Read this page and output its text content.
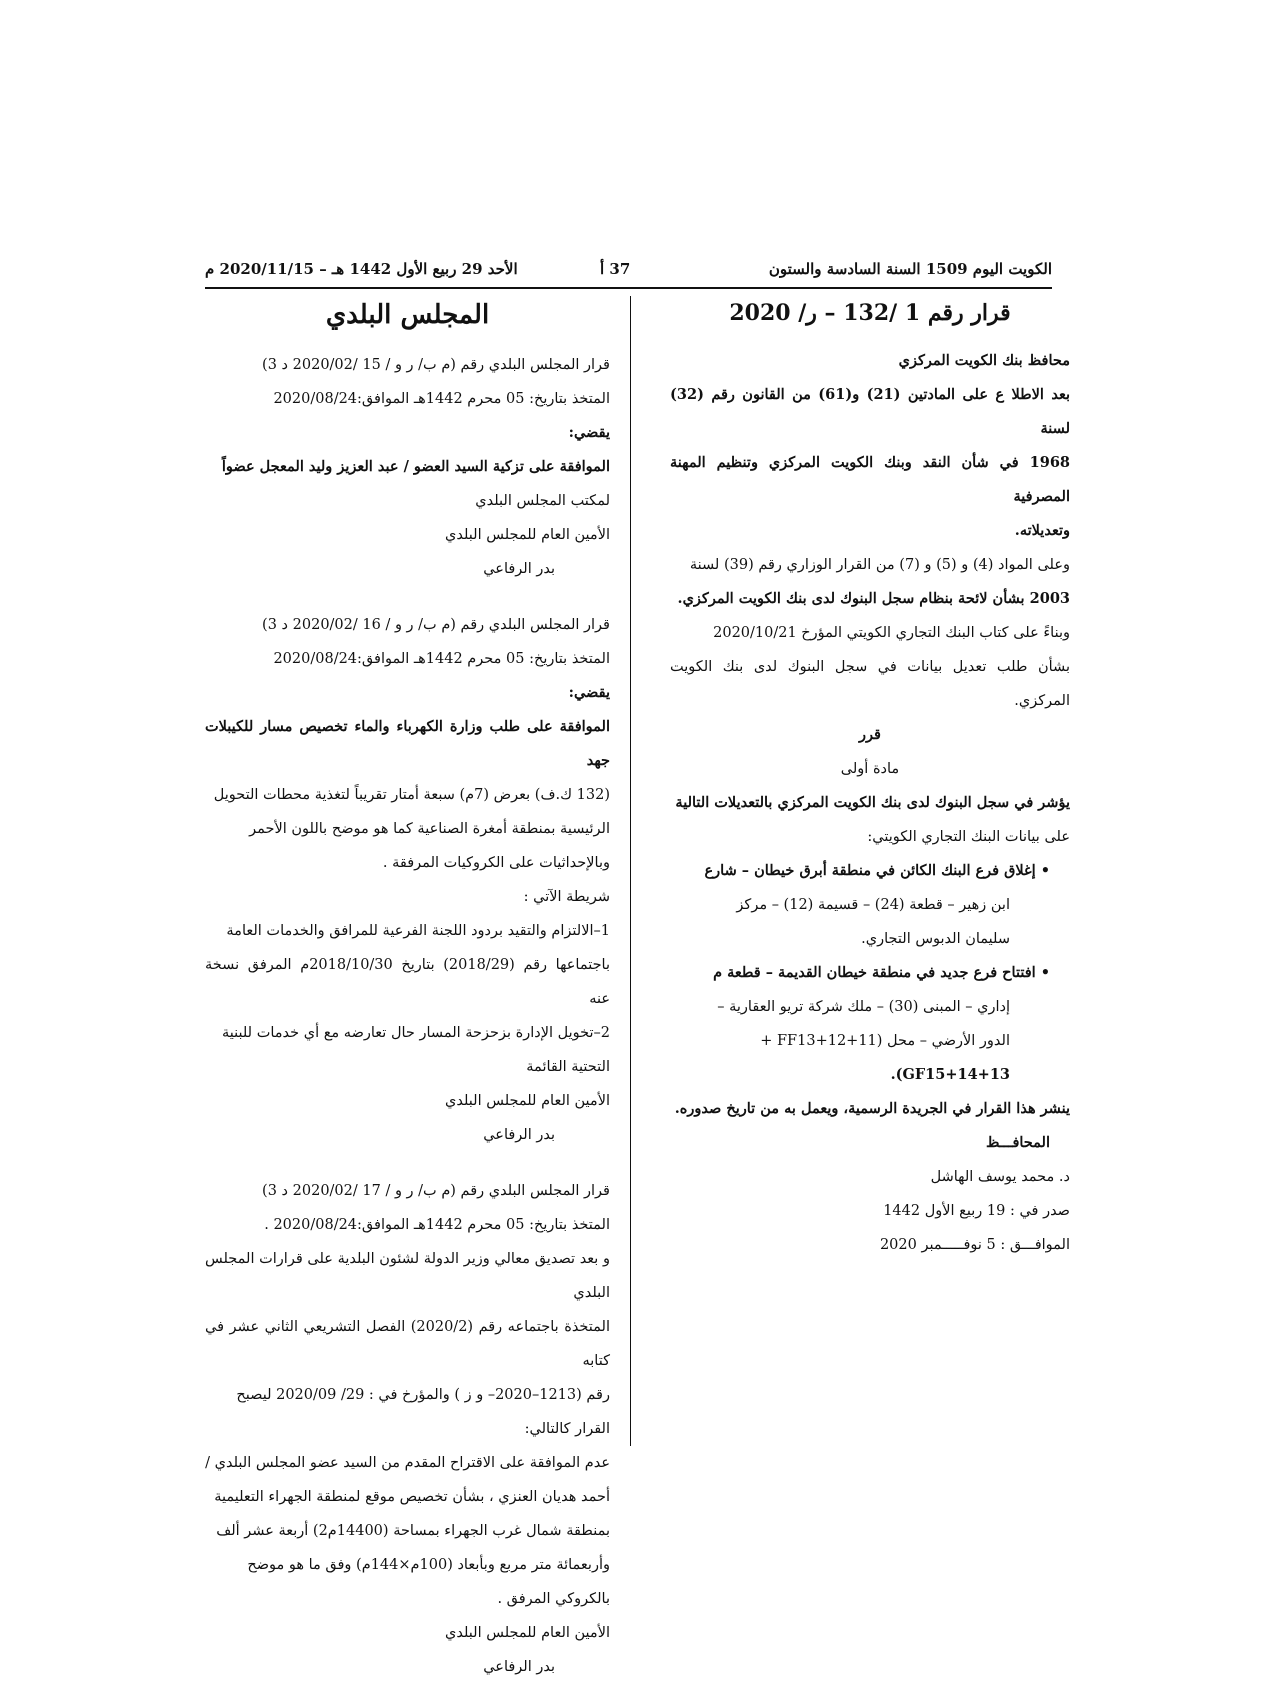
الكويت اليوم 1509 السنة السادسة والستون
37 أ
الأحد 29 ربيع الأول 1442 هـ – 2020/11/15 م
قرار رقم 1 /132 – ر/ 2020

محافظ بنك الكويت المركزي

بعد الاطلا ع على المادتين (21) و(61) من القانون رقم (32) لسنة

1968 في شأن النقد وبنك الكويت المركزي وتنظيم المهنة المصرفية

وتعديلاته.

وعلى المواد (4) و (5) و (7) من القرار الوزاري رقم (39) لسنة

2003 بشأن لائحة بنظام سجل البنوك لدى بنك الكويت المركزي.

وبناءً على كتاب البنك التجاري الكويتي المؤرخ 2020/10/21

بشأن طلب تعديل بيانات في سجل البنوك لدى بنك الكويت المركزي.

قرر

مادة أولى

يؤشر في سجل البنوك لدى بنك الكويت المركزي بالتعديلات التالية

على بيانات البنك التجاري الكويتي:

• إغلاق فرع البنك الكائن في منطقة أبرق خيطان – شارع

ابن زهير – قطعة (24) – قسيمة (12) – مركز

سليمان الدبوس التجاري.

• افتتاح فرع جديد في منطقة خيطان القديمة – قطعة م

إداري – المبنى (30) – ملك شركة تريو العقارية –

الدور الأرضي – محل (FF13+12+11 +

GF15+14+13).

ينشر هذا القرار في الجريدة الرسمية، ويعمل به من تاريخ صدوره.

المحافـــظ

د. محمد يوسف الهاشل

صدر في : 19 ربيع الأول 1442

الموافـــق : 5 نوفـــــمبر 2020

المجلس البلدي

قرار المجلس البلدي رقم (م ب/ ر و / 15 /2020/02 د 3)

المتخذ بتاريخ: 05 محرم 1442هـ الموافق:2020/08/24

يقضي:

الموافقة على تزكية السيد العضو / عبد العزيز وليد المعجل عضواً

لمكتب المجلس البلدي

الأمين العام للمجلس البلدي

بدر الرفاعي

قرار المجلس البلدي رقم (م ب/ ر و / 16 /2020/02 د 3)

المتخذ بتاريخ: 05 محرم 1442هـ الموافق:2020/08/24

يقضي:

الموافقة على طلب وزارة الكهرباء والماء تخصيص مسار للكيبلات جهد

(132 ك.ف) بعرض (7م) سبعة أمتار تقريباً لتغذية محطات التحويل

الرئيسية بمنطقة أمغرة الصناعية كما هو موضح باللون الأحمر

وبالإحداثيات على الكروكيات المرفقة .

شريطة الآتي :

1–الالتزام والتقيد بردود اللجنة الفرعية للمرافق والخدمات العامة

باجتماعها رقم (2018/29) بتاريخ 2018/10/30م المرفق نسخة عنه

2–تخويل الإدارة بزحزحة المسار حال تعارضه مع أي خدمات للبنية

التحتية القائمة

الأمين العام للمجلس البلدي

بدر الرفاعي

قرار المجلس البلدي رقم (م ب/ ر و / 17 /2020/02 د 3)

المتخذ بتاريخ: 05 محرم 1442هـ الموافق:2020/08/24 .

و بعد تصديق معالي وزير الدولة لشئون البلدية على قرارات المجلس البلدي

المتخذة باجتماعه رقم (2020/2) الفصل التشريعي الثاني عشر في كتابه

رقم (1213–2020– و ز ) والمؤرخ في : 29/ 2020/09 ليصبح

القرار كالتالي:

عدم الموافقة على الاقتراح المقدم من السيد عضو المجلس البلدي /

أحمد هديان العنزي ، بشأن تخصيص موقع لمنطقة الجهراء التعليمية

بمنطقة شمال غرب الجهراء بمساحة (14400م2) أربعة عشر ألف

وأربعمائة متر مربع وبأبعاد (100م×144م) وفق ما هو موضح

بالكروكي المرفق .

الأمين العام للمجلس البلدي

بدر الرفاعي
